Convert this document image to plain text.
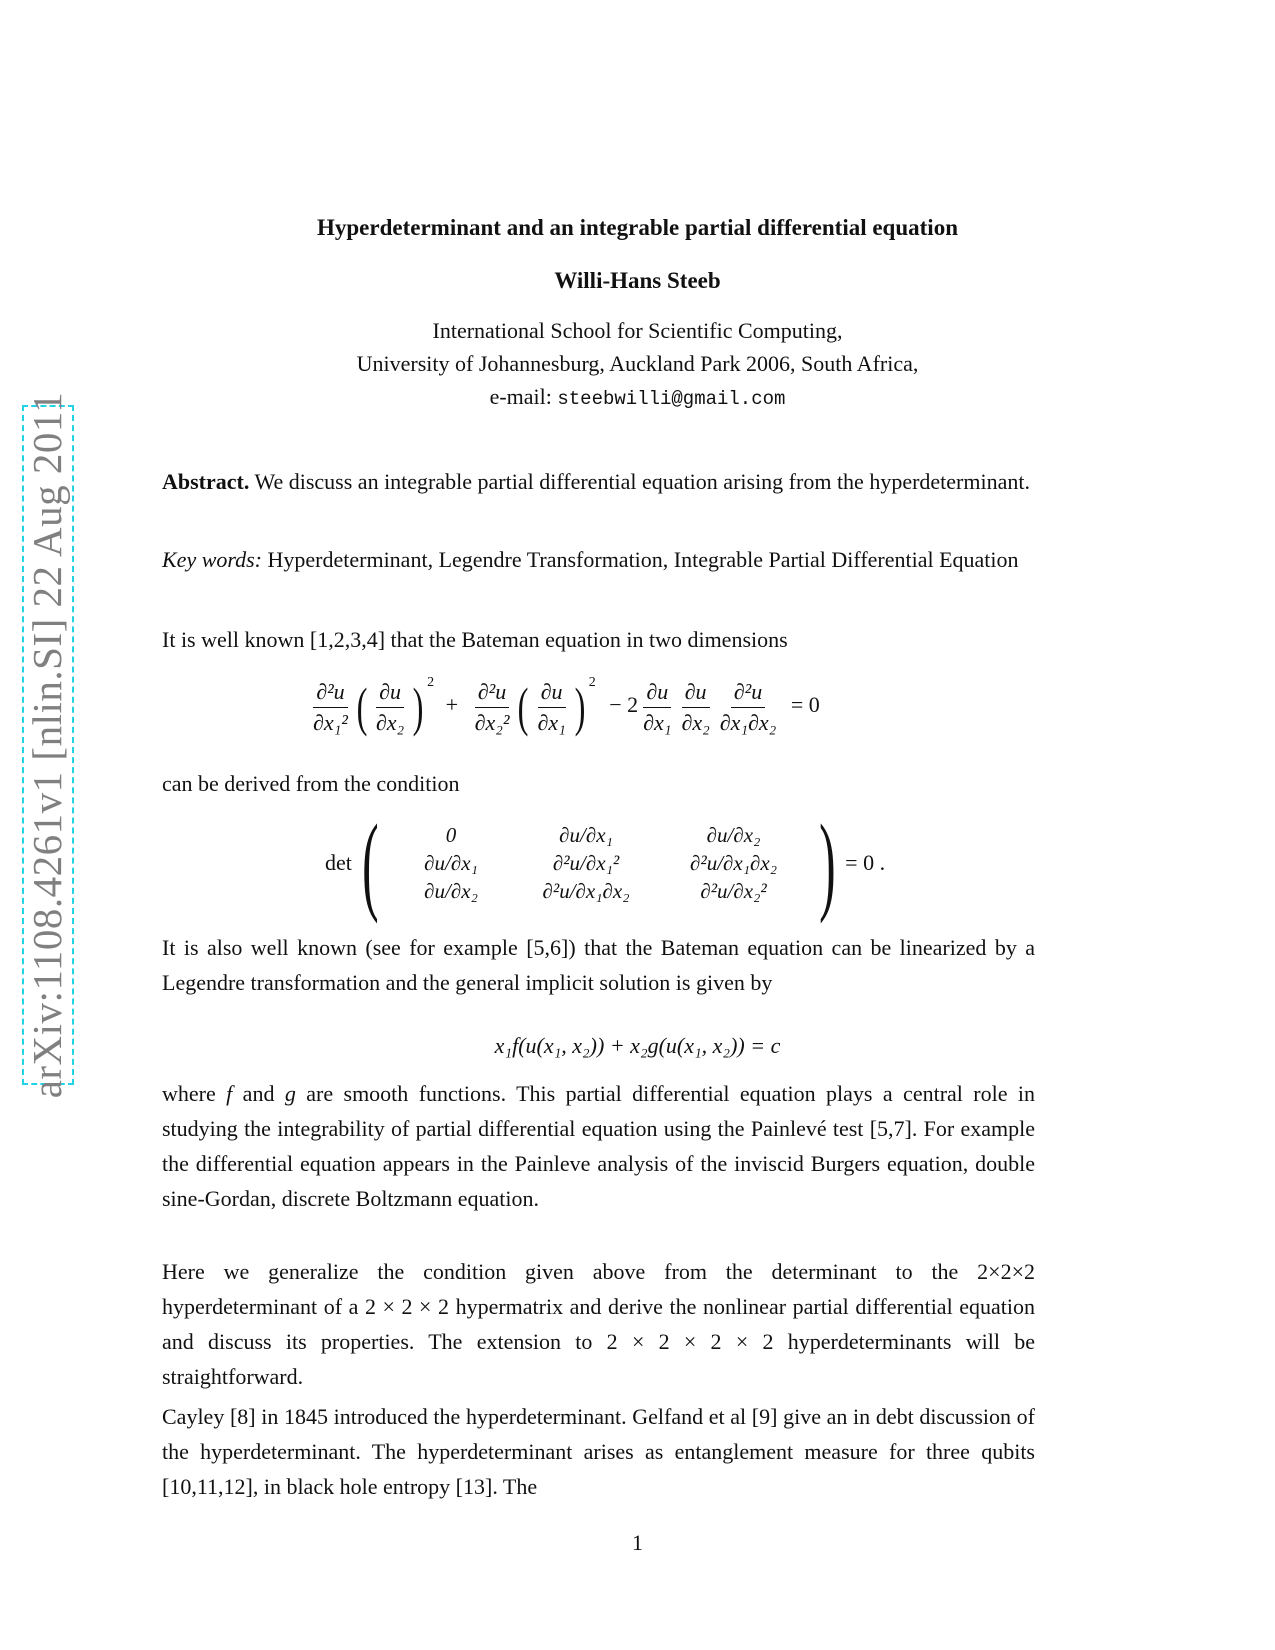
arXiv:1108.4261v1 [nlin.SI] 22 Aug 2011
Hyperdeterminant and an integrable partial differential equation
Willi-Hans Steeb
International School for Scientific Computing,
University of Johannesburg, Auckland Park 2006, South Africa,
e-mail: steebwilli@gmail.com
Abstract. We discuss an integrable partial differential equation arising from the hyperdeterminant.
Key words: Hyperdeterminant, Legendre Transformation, Integrable Partial Differential Equation
It is well known [1,2,3,4] that the Bateman equation in two dimensions
$\frac{\text{∂²u}}{\text{∂x₁²}}$ ( $\frac{\partial u}{\text{∂x₂}}$ ) $^2 + \frac{\text{∂²u}}{\text{∂x₂²}}$ ( $\frac{\partial u}{\text{∂x₁}}$ ) $^2 - 2 \frac{\partial u}{\text{∂x₁}} \frac{\partial u}{\text{∂x₂}} \frac{\text{∂²u}}{\text{∂x₁∂x₂}} = 0$
can be derived from the condition
det(	0	∂u/∂x₁	∂u/∂x₂
∂u/∂x₁	∂²u/∂x₁²	∂²u/∂x₁∂x₂
∂u/∂x₂	∂²u/∂x₁∂x₂	∂²u/∂x₂² ) = 0 .
It is also well known (see for example [5,6]) that the Bateman equation can be linearized by a Legendre transformation and the general implicit solution is given by
x₁f(u(x₁, x₂)) + x₂g(u(x₁, x₂)) = c
where f and g are smooth functions. This partial differential equation plays a central role in studying the integrability of partial differential equation using the Painlevé test [5,7]. For example the differential equation appears in the Painleve analysis of the inviscid Burgers equation, double sine-Gordan, discrete Boltzmann equation.
Here we generalize the condition given above from the determinant to the 2×2×2 hyperdeterminant of a 2 × 2 × 2 hypermatrix and derive the nonlinear partial differential equation and discuss its properties. The extension to 2 × 2 × 2 × 2 hyperdeterminants will be straightforward.
Cayley [8] in 1845 introduced the hyperdeterminant. Gelfand et al [9] give an in debt discussion of the hyperdeterminant. The hyperdeterminant arises as entanglement measure for three qubits [10,11,12], in black hole entropy [13]. The
1
